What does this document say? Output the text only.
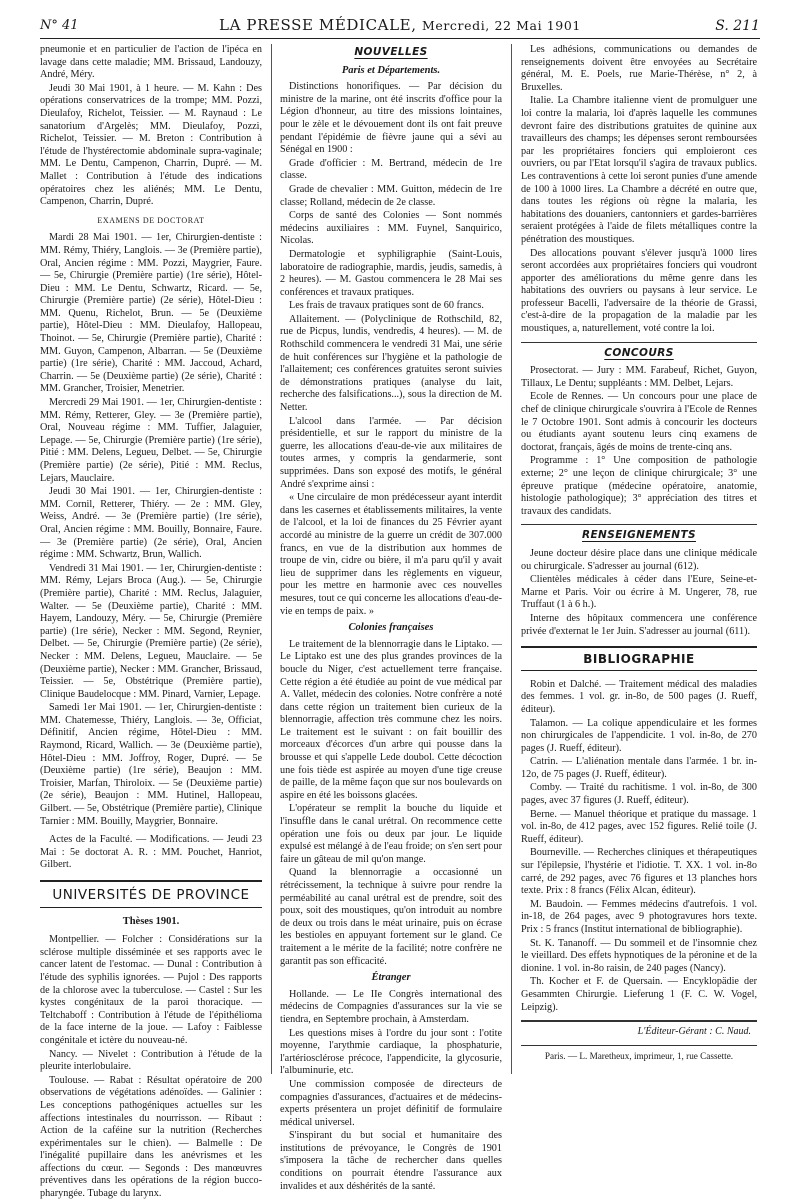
N° 41	LA PRESSE MÉDICALE, Mercredi, 22 Mai 1901	S. 211

pneumonie et en particulier de l'action de l'ipéca en lavage dans cette maladie; MM. Brissaud, Landouzy, André, Méry.

Jeudi 30 Mai 1901, à 1 heure. — M. Kahn : Des opérations conservatrices de la trompe; MM. Pozzi, Dieulafoy, Richelot, Teissier. — M. Raynaud : Le sanatorium d'Argelès; MM. Dieulafoy, Pozzi, Richelot, Teissier. — M. Breton : Contribution à l'étude de l'hystérectomie abdominale supra-vaginale; MM. Le Dentu, Campenon, Charrin, Dupré. — M. Mallet : Contribution à l'étude des indications opératoires chez les aliénés; MM. Le Dentu, Campenon, Charrin, Dupré.

EXAMENS DE DOCTORAT

Mardi 28 Mai 1901. — 1er, Chirurgien-dentiste : MM. Rémy, Thiéry, Langlois. — 3e (Première partie), Oral, Ancien régime : MM. Pozzi, Maygrier, Faure. — 5e, Chirurgie (Première partie) (1re série), Hôtel-Dieu : MM. Le Dentu, Schwartz, Ricard. — 5e, Chirurgie (Première partie) (2e série), Hôtel-Dieu : MM. Quenu, Richelot, Brun. — 5e (Deuxième partie), Hôtel-Dieu : MM. Dieulafoy, Hallopeau, Thoinot. — 5e, Chirurgie (Première partie), Charité : MM. Guyon, Campenon, Albarran. — 5e (Deuxième partie) (1re série), Charité : MM. Jaccoud, Achard, Charrin. — 5e (Deuxième partie) (2e série), Charité : MM. Grancher, Troisier, Menetrier.

Mercredi 29 Mai 1901. — 1er, Chirurgien-dentiste : MM. Rémy, Retterer, Gley. — 3e (Première partie), Oral, Nouveau régime : MM. Tuffier, Jalaguier, Lepage. — 5e, Chirurgie (Première partie) (1re série), Pitié : MM. Delens, Legueu, Delbet. — 5e, Chirurgie (Première partie) (2e série), Pitié : MM. Reclus, Lejars, Mauclaire.

Jeudi 30 Mai 1901. — 1er, Chirurgien-dentiste : MM. Cornil, Retterer, Thiéry. — 2e : MM. Gley, Weiss, André. — 3e (Première partie) (1re série), Oral, Ancien régime : MM. Bouilly, Bonnaire, Faure. — 3e (Première partie) (2e série), Oral, Ancien régime : MM. Schwartz, Brun, Wallich.

Vendredi 31 Mai 1901. — 1er, Chirurgien-dentiste : MM. Rémy, Lejars Broca (Aug.). — 5e, Chirurgie (Première partie), Charité : MM. Reclus, Jalaguier, Walter. — 5e (Deuxième partie), Charité : MM. Hayem, Landouzy, Méry. — 5e, Chirurgie (Première partie) (1re série), Necker : MM. Segond, Reynier, Delbet. — 5e, Chirurgie (Première partie) (2e série), Necker : MM. Delens, Legueu, Mauclaire. — 5e (Deuxième partie), Necker : MM. Grancher, Brissaud, Teissier. — 5e, Obstétrique (Première partie), Clinique Baudelocque : MM. Pinard, Varnier, Lepage.

Samedi 1er Mai 1901. — 1er, Chirurgien-dentiste : MM. Chatemesse, Thiéry, Langlois. — 3e, Officiat, Définitif, Ancien régime, Hôtel-Dieu : MM. Raymond, Ricard, Wallich. — 3e (Deuxième partie), Hôtel-Dieu : MM. Joffroy, Roger, Dupré. — 5e (Deuxième partie) (1re série), Beaujon : MM. Troisier, Marfan, Thiroloix. — 5e (Deuxième partie) (2e série), Beaujon : MM. Hutinel, Hallopeau, Gilbert. — 5e, Obstétrique (Première partie), Clinique Tarnier : MM. Bouilly, Maygrier, Bonnaire.

Actes de la Faculté. — Modifications. — Jeudi 23 Mai : 5e doctorat A. R. : MM. Pouchet, Hanriot, Gilbert.

UNIVERSITÉS DE PROVINCE
Thèses 1901.

Montpellier. — Folcher : Considérations sur la sclérose multiple disséminée et ses rapports avec le cancer latent de l'estomac. — Dunal : Contribution à l'étude des syphilis ignorées. — Pujol : Des rapports de la chlorose avec la tuberculose. — Castel : Sur les kystes congénitaux de la paroi thoracique. — Teltchaboff : Contribution à l'étude de l'épithélioma de la face interne de la joue. — Lafoy : Faiblesse congénitale et ictère du nouveau-né.

Nancy. — Nivelet : Contribution à l'étude de la pleurite interlobulaire.

Toulouse. — Rabat : Résultat opératoire de 200 observations de végétations adénoïdes. — Galinier : Les conceptions pathogéniques actuelles sur les affections intestinales du nourrisson. — Ribaut : Action de la caféine sur la nutrition (Recherches expérimentales sur le chien). — Balmelle : De l'inégalité pupillaire dans les anévrismes et les affections du cœur. — Segonds : Des manœuvres préventives dans les opérations de la région bucco-pharyngée. Tubage du larynx.

NOUVELLES
Paris et Départements.

Distinctions honorifiques. — Par décision du ministre de la marine, ont été inscrits d'office pour la Légion d'honneur, au titre des missions lointaines, pour le zèle et le dévouement dont ils ont fait preuve pendant l'épidémie de fièvre jaune qui a sévi au Sénégal en 1900 :

Grade d'officier : M. Bertrand, médecin de 1re classe.

Grade de chevalier : MM. Guitton, médecin de 1re classe; Rolland, médecin de 2e classe.

Corps de santé des Colonies — Sont nommés médecins auxiliaires : MM. Fuynel, Sanquirico, Nicolas.

Dermatologie et syphiligraphie (Saint-Louis, laboratoire de radiographie, mardis, jeudis, samedis, à 2 heures). — M. Gastou commencera le 28 Mai ses conférences et travaux pratiques.

Les frais de travaux pratiques sont de 60 francs.

Allaitement. — (Polyclinique de Rothschild, 82, rue de Picpus, lundis, vendredis, 4 heures). — M. de Rothschild commencera le vendredi 31 Mai, une série de huit conférences sur l'hygiène et la pathologie de l'allaitement; ces conférences gratuites seront suivies de démonstrations pratiques (analyse du lait, recherche des falsifications...), sous la direction de M. Netter.

L'alcool dans l'armée. — Par décision présidentielle, et sur le rapport du ministre de la guerre, les allocations d'eau-de-vie aux militaires de toutes armes, y compris la gendarmerie, sont supprimées. Dans son exposé des motifs, le général André s'exprime ainsi :

« Une circulaire de mon prédécesseur ayant interdit dans les casernes et établissements militaires, la vente de l'alcool, et la loi de finances du 25 Février ayant accordé au ministre de la guerre un crédit de 307.000 francs, en vue de la distribution aux hommes de troupe de vin, cidre ou bière, il m'a paru qu'il y avait lieu de supprimer dans les règlements en vigueur, pour les mettre en harmonie avec ces nouvelles mesures, tout ce qui concerne les allocations d'eau-de-vie en temps de paix. »

Colonies françaises

Le traitement de la blennorragie dans le Liptako. — Le Liptako est une des plus grandes provinces de la boucle du Niger, c'est actuellement terre française. Cette région a été étudiée au point de vue médical par A. Vallet, médecin des colonies. Notre confrère a noté dans cette région un traitement bien curieux de la blennorragie, affection très commune chez les noirs. Le traitement est le suivant : on fait bouillir des morceaux d'écorces d'un arbre qui pousse dans la brousse et qui s'appelle Lede doubol. Cette décoction une fois tiède est aspirée au moyen d'une tige creuse de paille, de la même façon que sur nos boulevards on aspire en été les boissons glacées.

L'opérateur se remplit la bouche du liquide et l'insuffle dans le canal urétral. On recommence cette opération une fois ou deux par jour. Le liquide expulsé est mélangé à de l'eau froide; on s'en sert pour faire un gâteau de mil qu'on mange.

Quand la blennorragie a occasionné un rétrécissement, la technique à suivre pour rendre la perméabilité au canal urétral est de prendre, soit des poux, soit des moustiques, qu'on introduit au nombre de deux ou trois dans le méat urinaire, puis on écrase les bestioles en appuyant fortement sur le gland. Ce traitement a le mérite de la facilité; notre confrère ne garantit pas son efficacité.

Étranger

Hollande. — Le IIe Congrès international des médecins de Compagnies d'assurances sur la vie se tiendra, en Septembre prochain, à Amsterdam.

Les questions mises à l'ordre du jour sont : l'otite moyenne, l'arythmie cardiaque, la phosphaturie, l'artériosclérose précoce, l'appendicite, la glycosurie, l'albuminurie, etc.

Une commission composée de directeurs de compagnies d'assurances, d'actuaires et de médecins-experts présentera un projet définitif de formulaire médical universel.

S'inspirant du but social et humanitaire des institutions de prévoyance, le Congrès de 1901 s'imposera la tâche de rechercher dans quelles conditions on pourrait étendre l'assurance aux invalides et aux déshérités de la santé.

Les adhésions, communications ou demandes de renseignements doivent être envoyées au Secrétaire général, M. E. Poels, rue Marie-Thérèse, n° 2, à Bruxelles.

Italie. La Chambre italienne vient de promulguer une loi contre la malaria, loi d'après laquelle les communes devront faire des distributions gratuites de quinine aux travailleurs des champs; les dépenses seront remboursées par les propriétaires fonciers qui emploieront ces ouvriers, ou par l'Etat lorsqu'il s'agira de travaux publics. Les contraventions à cette loi seront punies d'une amende de 100 à 1000 lires. La Chambre a décrété en outre que, dans toutes les régions où règne la malaria, les habitations des douaniers, cantonniers et gardes-barrières seraient protégées à l'aide de filets métalliques contre la pénétration des moustiques.

Des allocations pouvant s'élever jusqu'à 1000 lires seront accordées aux propriétaires fonciers qui voudront apporter des améliorations du même genre dans les habitations des ouvriers ou paysans à leur service. Le professeur Bacelli, l'adversaire de la théorie de Grassi, c'est-à-dire de la propagation de la maladie par les moustiques, a, naturellement, voté contre la loi.

CONCOURS

Prosectorat. — Jury : MM. Farabeuf, Richet, Guyon, Tillaux, Le Dentu; suppléants : MM. Delbet, Lejars.

Ecole de Rennes. — Un concours pour une place de chef de clinique chirurgicale s'ouvrira à l'Ecole de Rennes le 7 Octobre 1901. Sont admis à concourir les docteurs ou étudiants ayant soutenu leurs cinq examens de doctorat, français, âgés de moins de trente-cinq ans.

Programme : 1° Une composition de pathologie externe; 2° une leçon de clinique chirurgicale; 3° une épreuve pratique (médecine opératoire, anatomie, histologie pathologique); 3° appréciation des titres et travaux des candidats.

RENSEIGNEMENTS

Jeune docteur désire place dans une clinique médicale ou chirurgicale. S'adresser au journal (612).

Clientèles médicales à céder dans l'Eure, Seine-et-Marne et Paris. Voir ou écrire à M. Ungerer, 78, rue Truffaut (1 à 6 h.).

Interne des hôpitaux commencera une conférence privée d'externat le 1er Juin. S'adresser au journal (611).

BIBLIOGRAPHIE

Robin et Dalché. — Traitement médical des maladies des femmes. 1 vol. gr. in-8o, de 500 pages (J. Rueff, éditeur).

Talamon. — La colique appendiculaire et les formes non chirurgicales de l'appendicite. 1 vol. in-8o, de 270 pages (J. Rueff, éditeur).

Catrin. — L'aliénation mentale dans l'armée. 1 br. in-12o, de 75 pages (J. Rueff, éditeur).

Comby. — Traité du rachitisme. 1 vol. in-8o, de 300 pages, avec 37 figures (J. Rueff, éditeur).

Berne. — Manuel théorique et pratique du massage. 1 vol. in-8o, de 412 pages, avec 152 figures. Relié toile (J. Rueff, éditeur).

Bourneville. — Recherches cliniques et thérapeutiques sur l'épilepsie, l'hystérie et l'idiotie. T. XX. 1 vol. in-8o carré, de 292 pages, avec 76 figures et 13 planches hors texte. Prix : 8 francs (Félix Alcan, éditeur).

M. Baudoin. — Femmes médecins d'autrefois. 1 vol. in-18, de 264 pages, avec 9 photogravures hors texte. Prix : 5 francs (Institut international de bibliographie).

St. K. Tananoff. — Du sommeil et de l'insomnie chez le vieillard. Des effets hypnotiques de la péronine et de la dionine. 1 vol. in-8o raisin, de 240 pages (Nancy).

Th. Kocher et F. de Quersain. — Encyklopädie der Gesammten Chirurgie. Lieferung 1 (F. C. W. Vogel, Leipzig).

L'Éditeur-Gérant : C. Naud.
Paris. — L. Maretheux, imprimeur, 1, rue Cassette.
